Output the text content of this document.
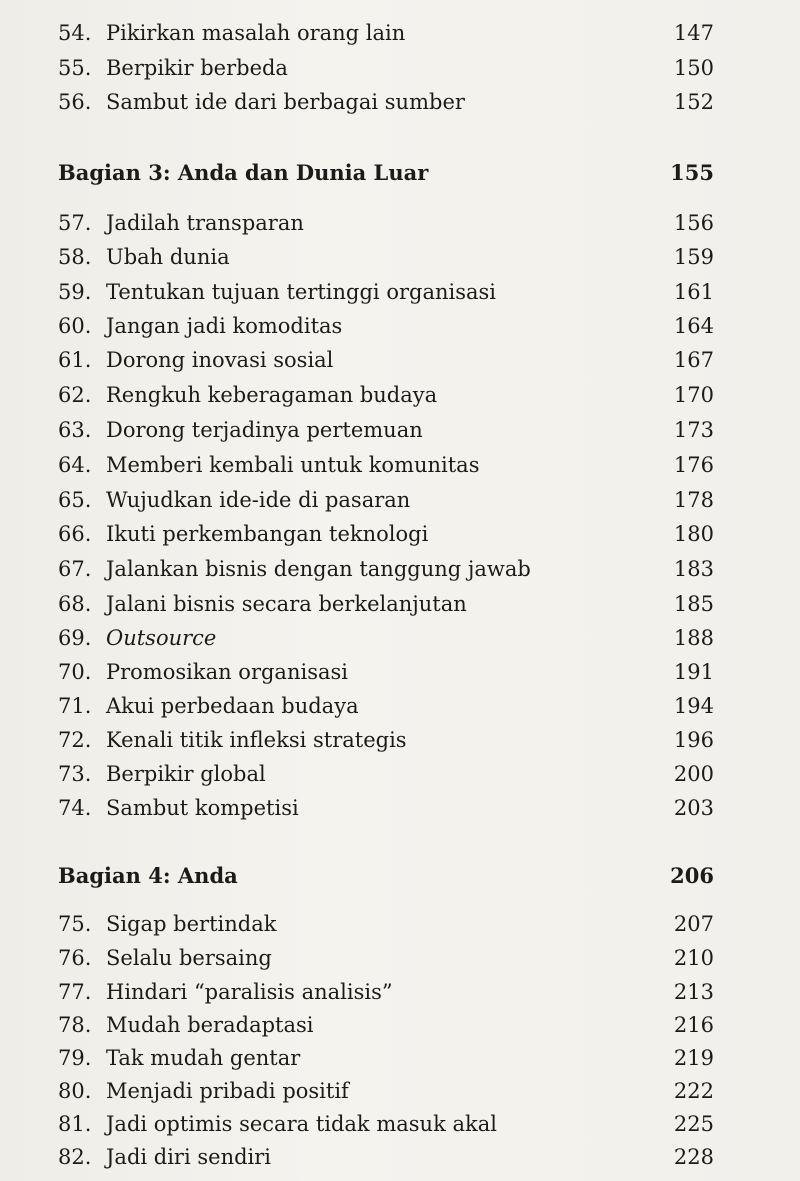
54. Pikirkan masalah orang lain	147
55. Berpikir berbeda	150
56. Sambut ide dari berbagai sumber	152
Bagian 3: Anda dan Dunia Luar	155
57. Jadilah transparan	156
58. Ubah dunia	159
59. Tentukan tujuan tertinggi organisasi	161
60. Jangan jadi komoditas	164
61. Dorong inovasi sosial	167
62. Rengkuh keberagaman budaya	170
63. Dorong terjadinya pertemuan	173
64. Memberi kembali untuk komunitas	176
65. Wujudkan ide-ide di pasaran	178
66. Ikuti perkembangan teknologi	180
67. Jalankan bisnis dengan tanggung jawab	183
68. Jalani bisnis secara berkelanjutan	185
69. Outsource	188
70. Promosikan organisasi	191
71. Akui perbedaan budaya	194
72. Kenali titik infleksi strategis	196
73. Berpikir global	200
74. Sambut kompetisi	203
Bagian 4: Anda	206
75. Sigap bertindak	207
76. Selalu bersaing	210
77. Hindari “paralisis analisis”	213
78. Mudah beradaptasi	216
79. Tak mudah gentar	219
80. Menjadi pribadi positif	222
81. Jadi optimis secara tidak masuk akal	225
82. Jadi diri sendiri	228
